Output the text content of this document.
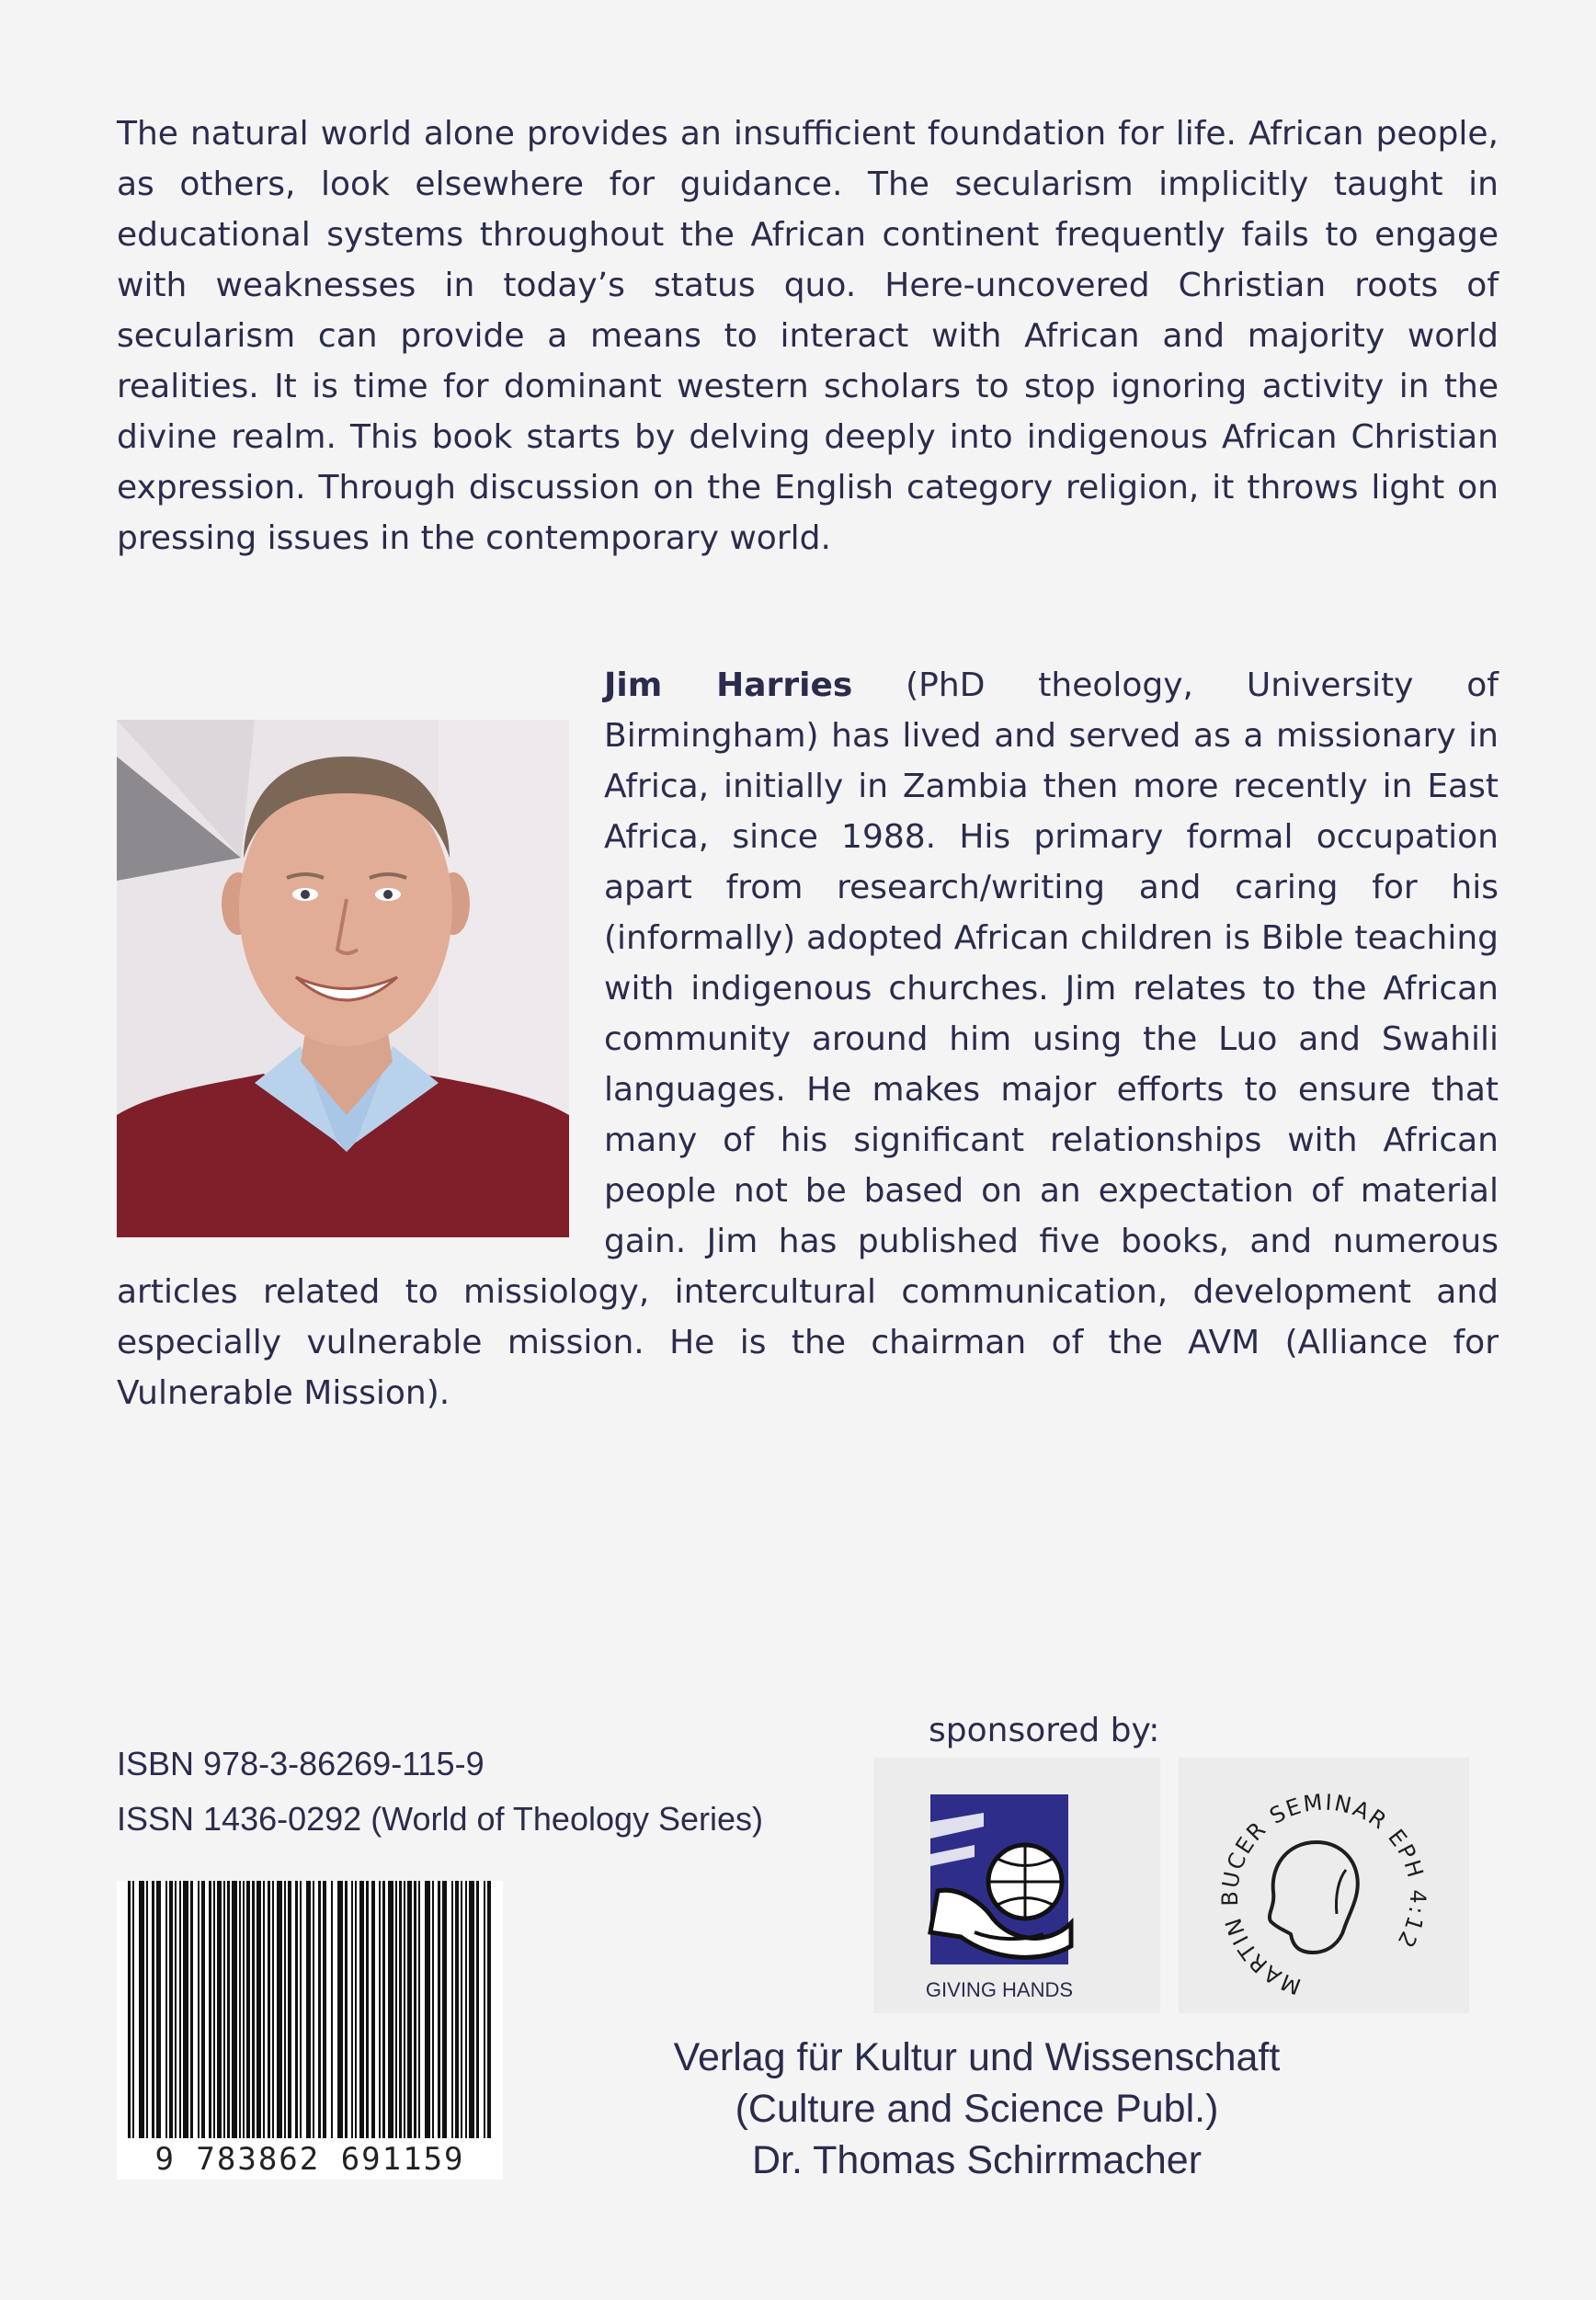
The natural world alone provides an insufficient foundation for life. African people, as others, look elsewhere for guidance. The secularism implicitly taught in educational systems throughout the African continent frequently fails to engage with weaknesses in today’s status quo. Here-uncovered Christian roots of secularism can provide a means to interact with African and majority world realities. It is time for dominant western scholars to stop ignoring activity in the divine realm. This book starts by delving deeply into indigenous African Christian expression. Through discussion on the English category religion, it throws light on pressing issues in the contemporary world.

Jim Harries (PhD theology, University of Birmingham) has lived and served as a missionary in Africa, initially in Zambia then more recently in East Africa, since 1988. His primary formal occupation apart from research/writing and caring for his (informally) adopted African children is Bible teaching with indigenous churches. Jim relates to the African community around him using the Luo and Swahili languages. He makes major efforts to ensure that many of his significant relationships with African people not be based on an expectation of material gain. Jim has published five books, and numerous articles related to missiology, intercultural communication, development and especially vulnerable mission. He is the chairman of the AVM (Alliance for Vulnerable Mission).

ISBN 978-3-86269-115-9

ISSN 1436-0292 (World of Theology Series)

9 783862 691159

sponsored by:

GIVING HANDS	MARTIN BUCER SEMINAR EPH 4:12

Verlag für Kultur und Wissenschaft

(Culture and Science Publ.)

Dr. Thomas Schirrmacher
